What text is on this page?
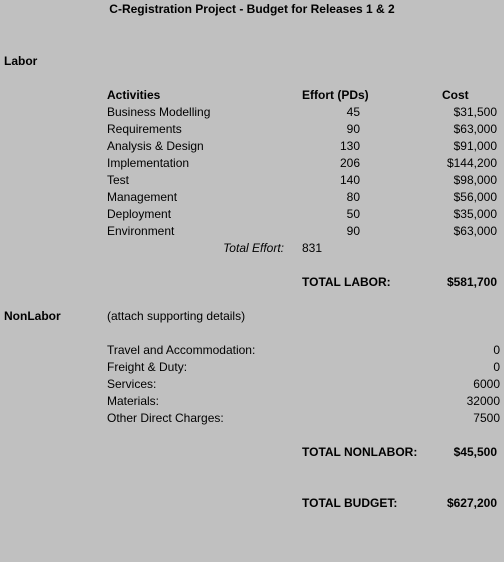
C-Registration Project - Budget for Releases 1 & 2
Labor
Activities	Effort (PDs)	Cost
Business Modelling	45	$31,500
Requirements	90	$63,000
Analysis & Design	130	$91,000
Implementation	206	$144,200
Test	140	$98,000
Management	80	$56,000
Deployment	50	$35,000
Environment	90	$63,000
Total Effort: 831
TOTAL LABOR:	$581,700
NonLabor	(attach supporting details)
Travel and Accommodation:	0
Freight & Duty:	0
Services:	6000
Materials:	32000
Other Direct Charges:	7500
TOTAL NONLABOR:	$45,500
TOTAL BUDGET:	$627,200
